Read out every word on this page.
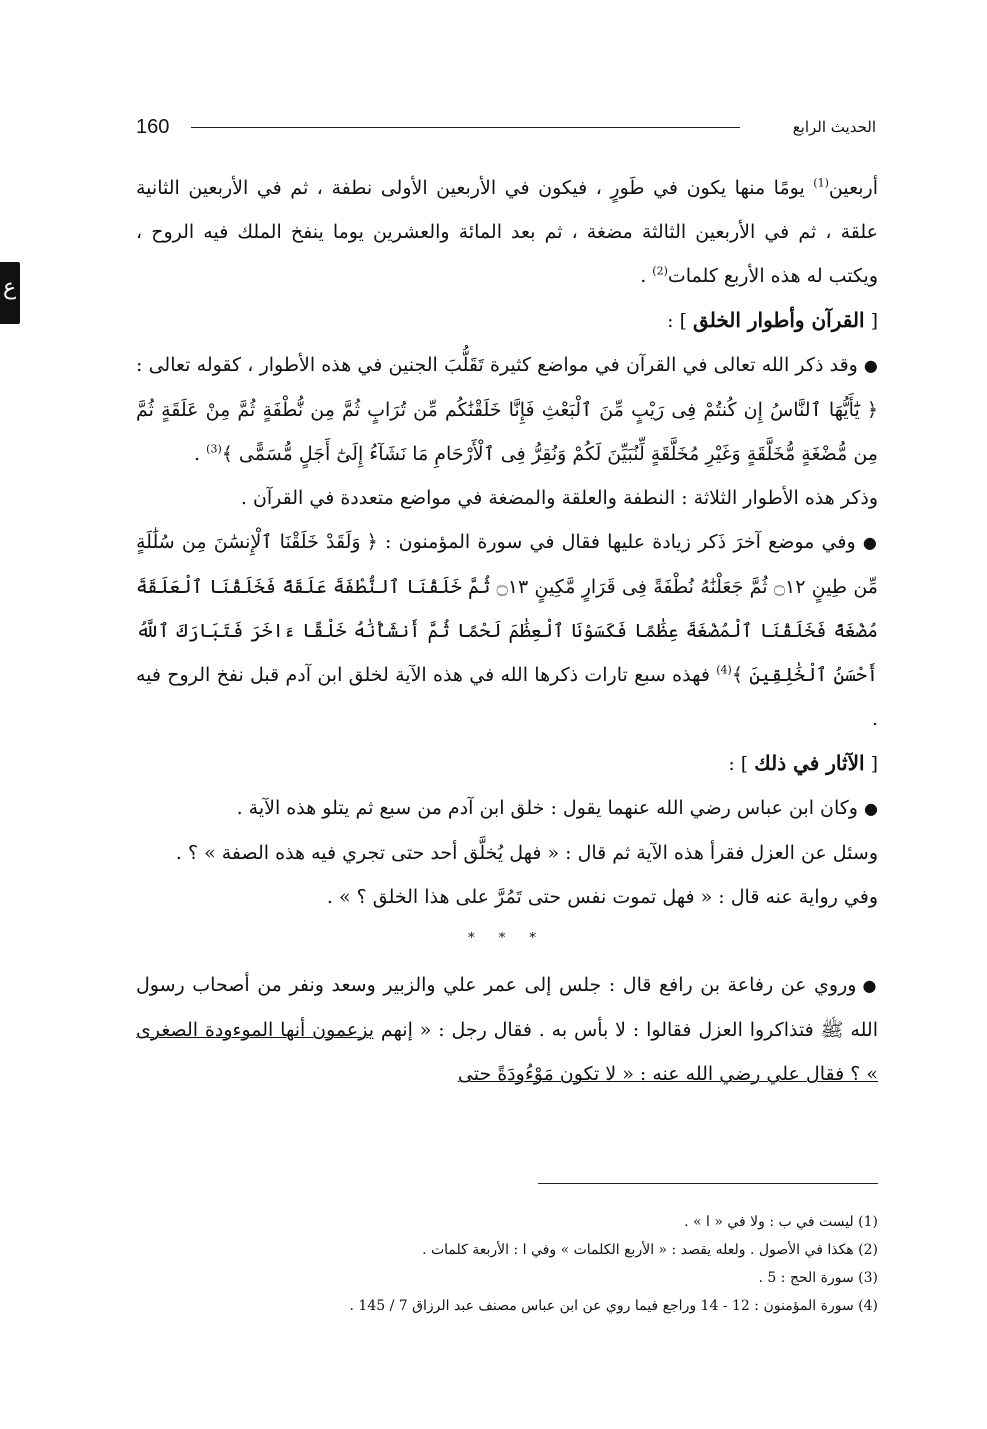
ع
160	الحديث الرابع

أربعين$^{(1)}$ يومًا منها يكون في طَورٍ ، فيكون في الأربعين الأولى نطفة ، ثم في الأربعين الثانية علقة ، ثم في الأربعين الثالثة مضغة ، ثم بعد المائة والعشرين يوما ينفخ الملك فيه الروح ، ويكتب له هذه الأربع كلمات$^{(2)}$ .

[ القرآن وأطوار الخلق ] :

● وقد ذكر الله تعالى في القرآن في مواضع كثيرة تَقَلُّبَ الجنين في هذه الأطوار ، كقوله تعالى : ﴿ يَٰٓأَيُّهَا ٱلنَّاسُ إِن كُنتُمْ فِى رَيْبٍ مِّنَ ٱلْبَعْثِ فَإِنَّا خَلَقْنَٰكُم مِّن تُرَابٍ ثُمَّ مِن نُّطْفَةٍ ثُمَّ مِنْ عَلَقَةٍ ثُمَّ مِن مُّضْغَةٍ مُّخَلَّقَةٍ وَغَيْرِ مُخَلَّقَةٍ لِّنُبَيِّنَ لَكُمْ وَنُقِرُّ فِى ٱلْأَرْحَامِ مَا نَشَآءُ إِلَىٰٓ أَجَلٍ مُّسَمًّى ﴾$^{(3)}$ .

وذكر هذه الأطوار الثلاثة : النطفة والعلقة والمضغة في مواضع متعددة في القرآن .

● وفي موضع آخرَ ذَكر زيادة عليها فقال في سورة المؤمنون : ﴿ وَلَقَدْ خَلَقْنَا ٱلْإِنسَٰنَ مِن سُلَٰلَةٍ مِّن طِينٍ ۝١٢ ثُمَّ جَعَلْنَٰهُ نُطْفَةً فِى قَرَارٍ مَّكِينٍ ۝١٣ ثُمَّ خَلَقْنَا ٱلنُّطْفَةَ عَلَقَةً فَخَلَقْنَا ٱلْعَلَقَةَ مُضْغَةً فَخَلَقْنَا ٱلْمُضْغَةَ عِظَٰمًا فَكَسَوْنَا ٱلْعِظَٰمَ لَحْمًا ثُمَّ أَنشَأْنَٰهُ خَلْقًا ءَاخَرَ فَتَبَارَكَ ٱللَّهُ أَحْسَنُ ٱلْخَٰلِقِينَ ﴾$^{(4)}$ فهذه سبع تارات ذكرها الله في هذه الآية لخلق ابن آدم قبل نفخ الروح فيه .

[ الآثار في ذلك ] :

● وكان ابن عباس رضي الله عنهما يقول : خلق ابن آدم من سبع ثم يتلو هذه الآية .

وسئل عن العزل فقرأ هذه الآية ثم قال : « فهل يُخلَّق أحد حتى تجري فيه هذه الصفة » ؟ .

وفي رواية عنه قال : « فهل تموت نفس حتى تَمُرَّ على هذا الخلق ؟ » .

* * *

● وروي عن رفاعة بن رافع قال : جلس إلى عمر علي والزبير وسعد ونفر من أصحاب رسول الله ﷺ فتذاكروا العزل فقالوا : لا بأس به . فقال رجل : « إنهم يزعمون أنها الموءودة الصغرى » ؟ فقال علي رضي الله عنه : « لا تكون مَوْءُودَةً حتى

(1) ليست في ب : ولا في « ا » .

(2) هكذا في الأصول . ولعله يقصد : « الأربع الكلمات » وفي ا : الأربعة كلمات .

(3) سورة الحج : 5 .

(4) سورة المؤمنون : 12 - 14 وراجع فيما روي عن ابن عباس مصنف عبد الرزاق 7 / 145 .
